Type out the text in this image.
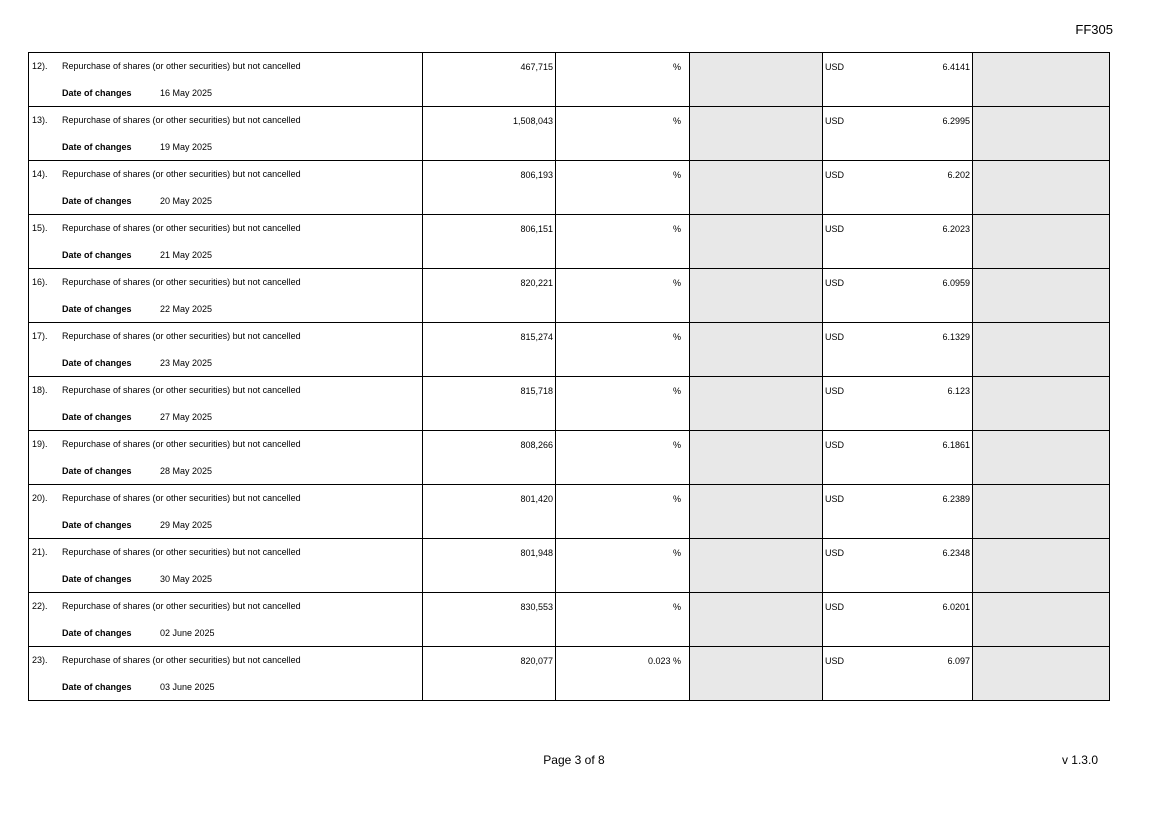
FF305
12). Repurchase of shares (or other securities) but not cancelled
Date of changes 16 May 2025	467,715	%		USD 6.4141	

13). Repurchase of shares (or other securities) but not cancelled
Date of changes 19 May 2025	1,508,043	%		USD 6.2995	

14). Repurchase of shares (or other securities) but not cancelled
Date of changes 20 May 2025	806,193	%		USD 6.202	

15). Repurchase of shares (or other securities) but not cancelled
Date of changes 21 May 2025	806,151	%		USD 6.2023	

16). Repurchase of shares (or other securities) but not cancelled
Date of changes 22 May 2025	820,221	%		USD 6.0959	

17). Repurchase of shares (or other securities) but not cancelled
Date of changes 23 May 2025	815,274	%		USD 6.1329	

18). Repurchase of shares (or other securities) but not cancelled
Date of changes 27 May 2025	815,718	%		USD 6.123	

19). Repurchase of shares (or other securities) but not cancelled
Date of changes 28 May 2025	808,266	%		USD 6.1861	

20). Repurchase of shares (or other securities) but not cancelled
Date of changes 29 May 2025	801,420	%		USD 6.2389	

21). Repurchase of shares (or other securities) but not cancelled
Date of changes 30 May 2025	801,948	%		USD 6.2348	

22). Repurchase of shares (or other securities) but not cancelled
Date of changes 02 June 2025	830,553	%		USD 6.0201	

23). Repurchase of shares (or other securities) but not cancelled
Date of changes 03 June 2025	820,077	0.023 %		USD 6.097	

Page 3 of 8	v 1.3.0
